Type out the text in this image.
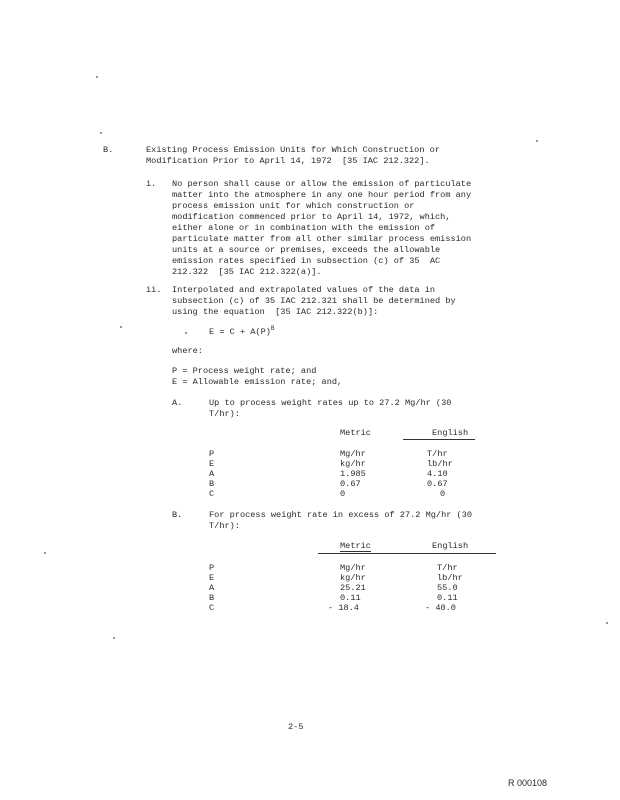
B.	Existing Process Emission Units for Which Construction or
Modification Prior to April 14, 1972  [35 IAC 212.322].
i. No person shall cause or allow the emission of particulate
matter into the atmosphere in any one hour period from any
process emission unit for which construction or
modification commenced prior to April 14, 1972, which,
either alone or in combination with the emission of
particulate matter from all other similar process emission
units at a source or premises, exceeds the allowable
emission rates specified in subsection (c) of 35  AC
212.322  [35 IAC 212.322(a)].
ii. Interpolated and extrapolated values of the data in
subsection (c) of 35 IAC 212.321 shall be determined by
using the equation  [35 IAC 212.322(b)]:
$E = C + A(P)^B$
where:
P = Process weight rate; and
E = Allowable emission rate; and,
A.	Up to process weight rates up to 27.2 Mg/hr (30
T/hr):
Metric	English
P	Mg/hr	T/hr
E	kg/hr	lb/hr
A	1.985	4.10
B	0.67	0.67
C	0	0
B.	For process weight rate in excess of 27.2 Mg/hr (30
T/hr):
Metric	English
P	Mg/hr	T/hr
E	kg/hr	lb/hr
A	25.21	55.0
B	0.11	0.11
C	- 18.4	- 40.0
2-5
R 000108
